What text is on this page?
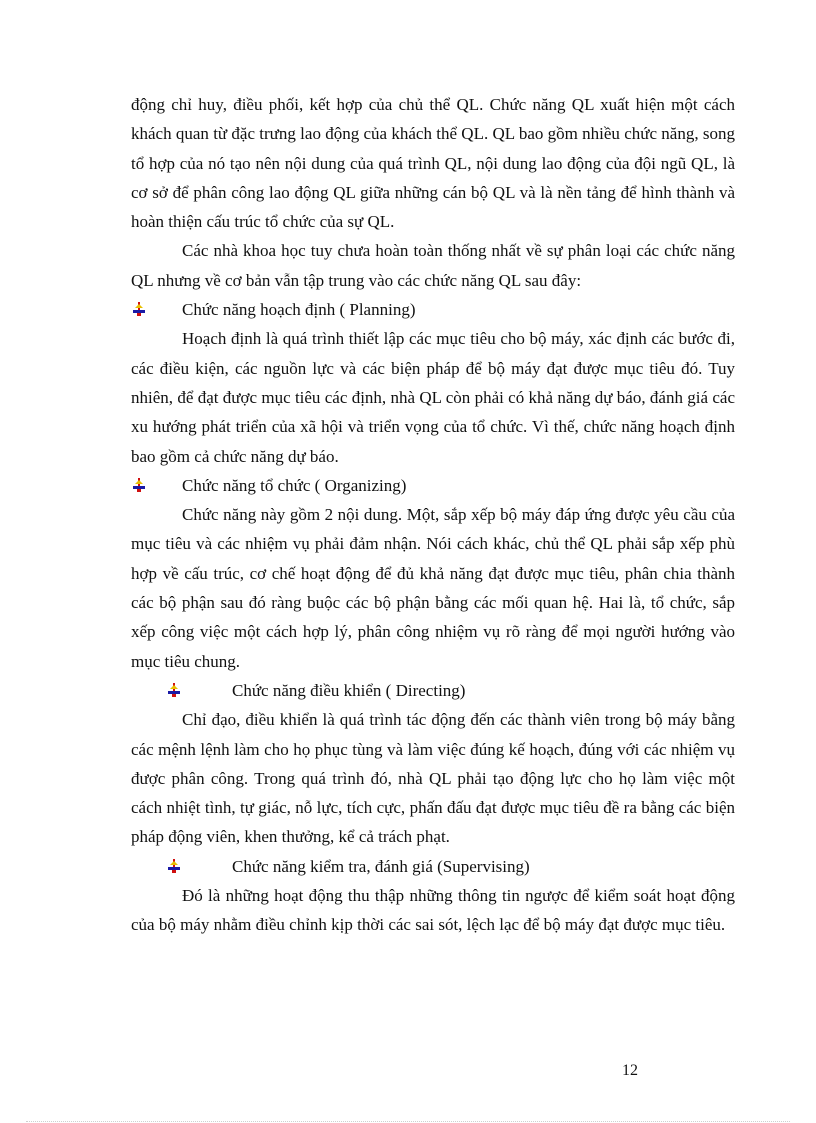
động chỉ huy, điều phối, kết hợp của chủ thể QL. Chức năng QL xuất hiện một cách khách quan từ đặc trưng lao động của khách thể QL. QL bao gồm nhiều chức năng, song tổ hợp của nó tạo nên nội dung của quá trình QL, nội dung lao động của đội ngũ QL, là cơ sở để phân công lao động QL giữa những cán bộ QL và là nền tảng để hình thành và hoàn thiện cấu trúc tổ chức của sự QL.

Các nhà khoa học tuy chưa hoàn toàn thống nhất về sự phân loại các chức năng QL nhưng về cơ bản vẫn tập trung vào các chức năng QL sau đây:

Chức năng hoạch định ( Planning)

Hoạch định là quá trình thiết lập các mục tiêu cho bộ máy, xác định các bước đi, các điều kiện, các nguồn lực và các biện pháp để bộ máy đạt được mục tiêu đó. Tuy nhiên, để đạt được mục tiêu các định, nhà QL còn phải có khả năng dự báo, đánh giá các xu hướng phát triển của xã hội và triển vọng của tổ chức. Vì thế, chức năng hoạch định bao gồm cả chức năng dự báo.

Chức năng tổ chức ( Organizing)

Chức năng này gồm 2 nội dung. Một, sắp xếp bộ máy đáp ứng được yêu cầu của mục tiêu và các nhiệm vụ phải đảm nhận. Nói cách khác, chủ thể QL phải sắp xếp phù hợp về cấu trúc, cơ chế hoạt động để đủ khả năng đạt được mục tiêu, phân chia thành các bộ phận sau đó ràng buộc các bộ phận bằng các mối quan hệ. Hai là, tổ chức, sắp xếp công việc một cách hợp lý, phân công nhiệm vụ rõ ràng để mọi người hướng vào mục tiêu chung.

Chức năng điều khiển ( Directing)

Chỉ đạo, điều khiển là quá trình tác động đến các thành viên trong bộ máy bằng các mệnh lệnh làm cho họ phục tùng và làm việc đúng kế hoạch, đúng với các nhiệm vụ được phân công. Trong quá trình đó, nhà QL phải tạo động lực cho họ làm việc một cách nhiệt tình, tự giác, nỗ lực, tích cực, phấn đấu đạt được mục tiêu đề ra bằng các biện pháp động viên, khen thưởng, kể cả trách phạt.

Chức năng kiểm tra, đánh giá (Supervising)

Đó là những hoạt động thu thập những thông tin ngược để kiểm soát hoạt động của bộ máy nhằm điều chỉnh kịp thời các sai sót, lệch lạc để bộ máy đạt được mục tiêu.

12
